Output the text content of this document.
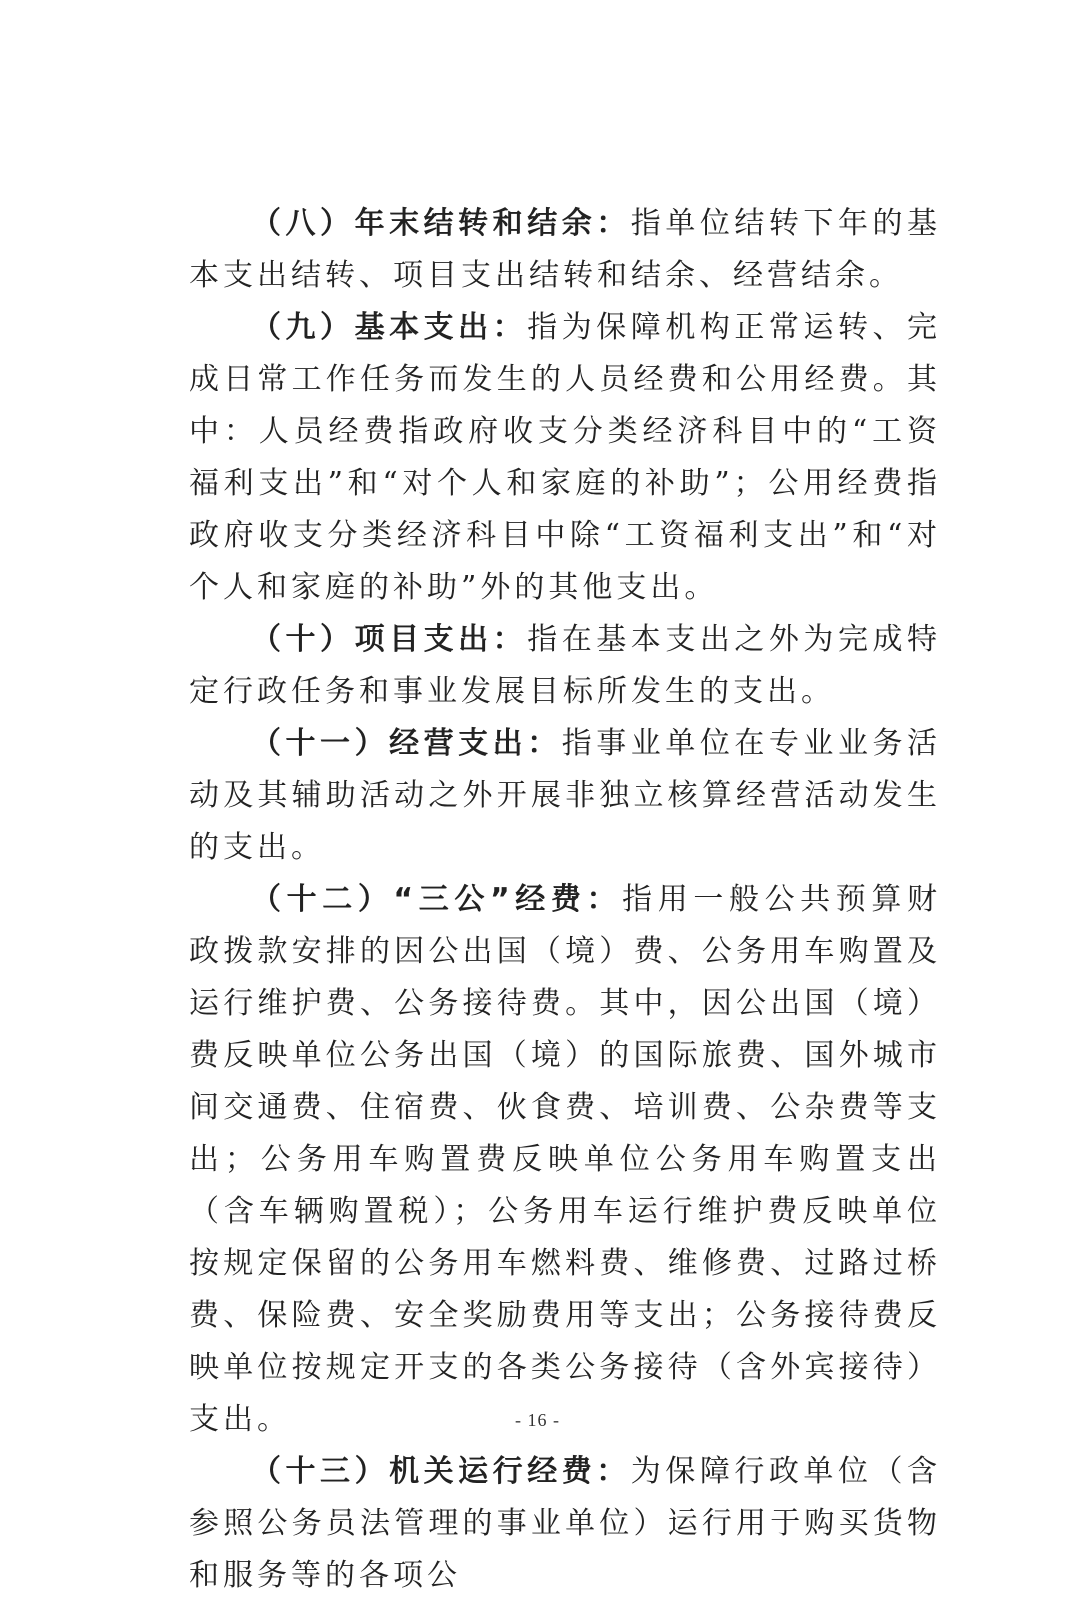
（八）年末结转和结余：指单位结转下年的基本支出结转、项目支出结转和结余、经营结余。

（九）基本支出：指为保障机构正常运转、完成日常工作任务而发生的人员经费和公用经费。其中：人员经费指政府收支分类经济科目中的“工资福利支出”和“对个人和家庭的补助”；公用经费指政府收支分类经济科目中除“工资福利支出”和“对个人和家庭的补助”外的其他支出。

（十）项目支出：指在基本支出之外为完成特定行政任务和事业发展目标所发生的支出。

（十一）经营支出：指事业单位在专业业务活动及其辅助活动之外开展非独立核算经营活动发生的支出。

（十二）“三公”经费：指用一般公共预算财政拨款安排的因公出国（境）费、公务用车购置及运行维护费、公务接待费。其中，因公出国（境）费反映单位公务出国（境）的国际旅费、国外城市间交通费、住宿费、伙食费、培训费、公杂费等支出；公务用车购置费反映单位公务用车购置支出（含车辆购置税）；公务用车运行维护费反映单位按规定保留的公务用车燃料费、维修费、过路过桥费、保险费、安全奖励费用等支出；公务接待费反映单位按规定开支的各类公务接待（含外宾接待）支出。

（十三）机关运行经费：为保障行政单位（含参照公务员法管理的事业单位）运行用于购买货物和服务等的各项公

- 16 -
